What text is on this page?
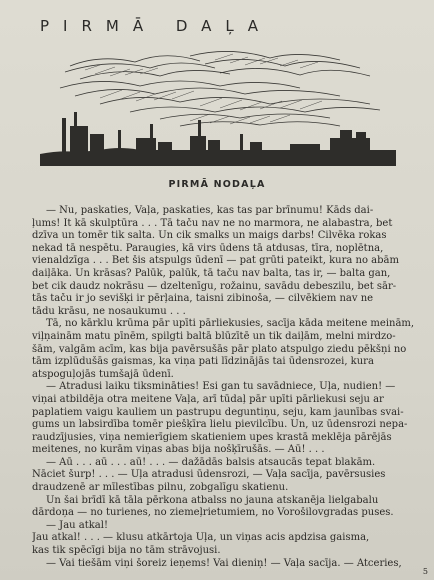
PIRMĀ DAĻA
PIRMĀ NODAĻA
— Nu, paskaties, Vaļa, paskaties, kas tas par brīnumu! Kāds dai-
ļums! It kā skulptūra . . . Tā taču nav ne no marmora, ne alabastra, bet
dzīva un tomēr tik salta. Un cik smalks un maigs darbs! Cilvēka rokas
nekad tā nespētu. Paraugies, kā virs ūdens tā atdusas, tīra, noplētna,
vienaldzīga . . . Bet šis atspulgs ūdenī — pat grūti pateikt, kura no abām
daiļāka. Un krāsas? Palūk, palūk, tā taču nav balta, tas ir, — balta gan,
bet cik daudz nokrāsu — dzeltenīgu, rožainu, savādu debeszilu, bet sār-
tās taču ir jo sevišķi ir pērļaina, taisni zibinoša, — cilvēkiem nav ne
tādu krāsu, ne nosaukumu . . .
Tā, no kārklu krūma pār upīti pārliekusies, sacīja kāda meitene meinām,
viļņainām matu pīnēm, spilgti baltā blūzītē un tik daiļām, melni mirdzo-
šām, valgām acīm, kas bija pavērsušās pār plato atspulgo ziedu pēkšņi no
tām izplūdušās gaismas, ka viņa pati līdzinājās tai ūdensrozei, kura
atspoguļojās tumšajā ūdenī.
— Atradusi laiku tiksmināties! Esi gan tu savādniece, Uļa, nudien! —
viņai atbildēja otra meitene Vaļa, arī tūdaļ pār upīti pārliekusi seju ar
paplatiem vaigu kauliem un pastrupu deguntiņu, seju, kam jaunības svai-
gums un labsirdība tomēr piešķīra lielu pievilcību. Un, uz ūdensrozi nepa-
raudzījusies, viņa nemierīgiem skatieniem upes krastā meklēja pārējās
meitenes, no kurām viņas abas bija nošķīrušās. — Aū! . . .
— Aū . . . aū . . . aū! . . . — dažādās balsis atsaucās tepat blakām.
Nāciet šurp! . . . — Uļa atradusi ūdensrozi, — Vaļa sacīja, pavērsusies
draudzenē ar mīlestības pilnu, zobgalīgu skatienu.
Un šai brīdī kā tāla pērkona atbalss no jauna atskanēja lielgabalu
dārdoņa — no turienes, no ziemeļrietumiem, no Vorošilovgradas puses.
— Jau atkal!
Jau atkal! . . . — klusu atkārtoja Uļa, un viņas acis apdzisa gaisma,
kas tik spēcīgi bija no tām strāvojusi.
— Vai tiešām viņi šoreiz ieņems! Vai dieniņ! — Vaļa sacīja. — Atceries,
5
